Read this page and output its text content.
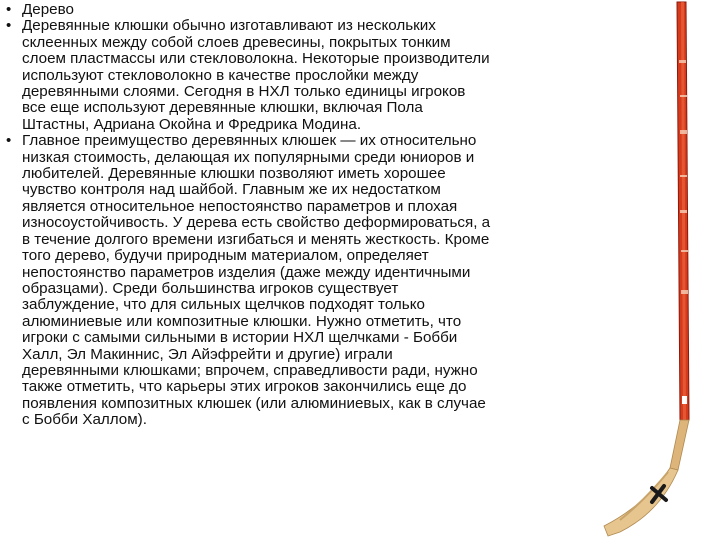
• Дерево

• Деревянные клюшки обычно изготавливают из нескольких склеенных между собой слоев древесины, покрытых тонким слоем пластмассы или стекловолокна. Некоторые производители используют стекловолокно в качестве прослойки между деревянными слоями. Сегодня в НХЛ только единицы игроков все еще используют деревянные клюшки, включая Пола Штастны, Адриана Окойна и Фредрика Модина.

• Главное преимущество деревянных клюшек — их относительно низкая стоимость, делающая их популярными среди юниоров и любителей. Деревянные клюшки позволяют иметь хорошее чувство контроля над шайбой. Главным же их недостатком является относительное непостоянство параметров и плохая износоустойчивость. У дерева есть свойство деформироваться, а в течение долгого времени изгибаться и менять жесткость. Кроме того дерево, будучи природным материалом, определяет непостоянство параметров изделия (даже между идентичными образцами). Среди большинства игроков существует заблуждение, что для сильных щелчков подходят только алюминиевые или композитные клюшки. Нужно отметить, что игроки с самыми сильными в истории НХЛ щелчками - Бобби Халл, Эл Макиннис, Эл Айэфрейти и другие) играли деревянными клюшками; впрочем, справедливости ради, нужно также отметить, что карьеры этих игроков закончились еще до появления композитных клюшек (или алюминиевых, как в случае с Бобби Халлом).
